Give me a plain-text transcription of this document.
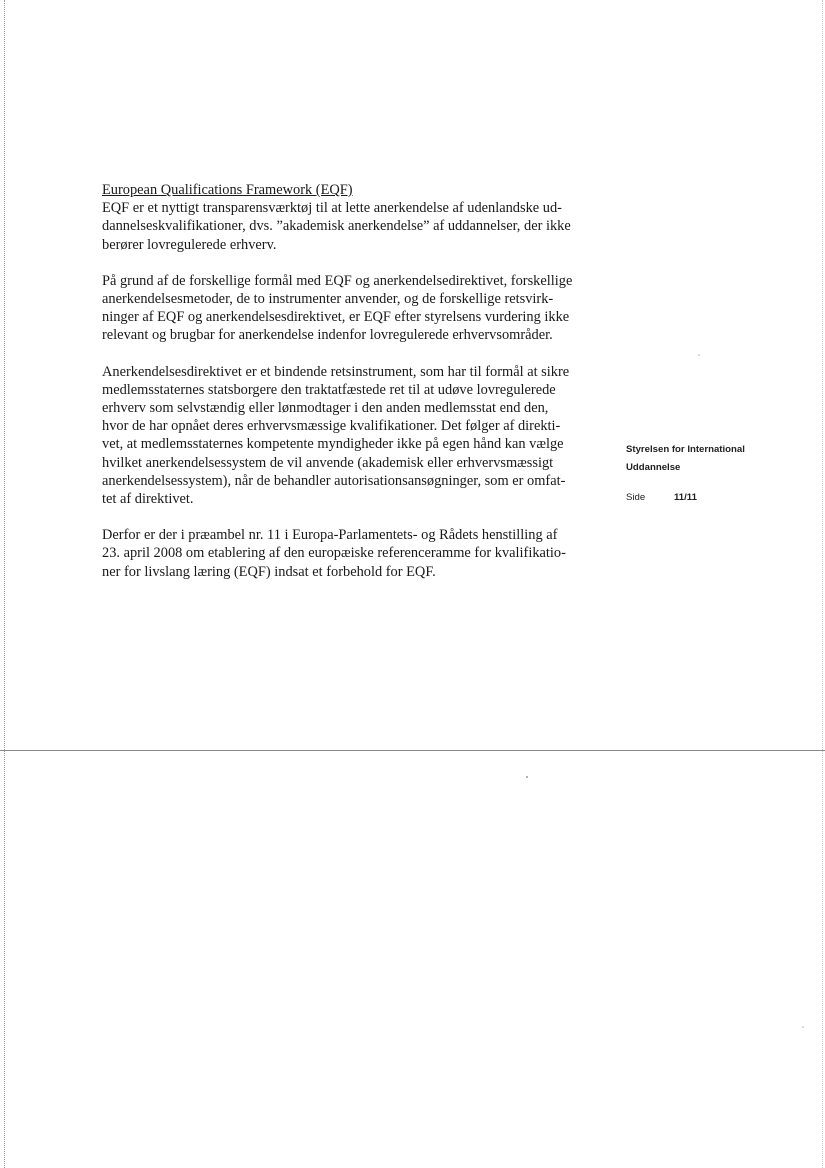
European Qualifications Framework (EQF)

EQF er et nyttigt transparensværktøj til at lette anerkendelse af udenlandske ud-
dannelseskvalifikationer, dvs. ”akademisk anerkendelse” af uddannelser, der ikke
berører lovregulerede erhverv.

På grund af de forskellige formål med EQF og anerkendelsedirektivet, forskellige
anerkendelsesmetoder, de to instrumenter anvender, og de forskellige retsvirk-
ninger af EQF og anerkendelsesdirektivet, er EQF efter styrelsens vurdering ikke
relevant og brugbar for anerkendelse indenfor lovregulerede erhvervsområder.

Anerkendelsesdirektivet er et bindende retsinstrument, som har til formål at sikre
medlemsstaternes statsborgere den traktatfæstede ret til at udøve lovregulerede
erhverv som selvstændig eller lønmodtager i den anden medlemsstat end den,
hvor de har opnået deres erhvervsmæssige kvalifikationer. Det følger af direkti-
vet, at medlemsstaternes kompetente myndigheder ikke på egen hånd kan vælge
hvilket anerkendelsessystem de vil anvende (akademisk eller erhvervsmæssigt
anerkendelsessystem), når de behandler autorisationsansøgninger, som er omfat-
tet af direktivet.

Derfor er der i præambel nr. 11 i Europa-Parlamentets- og Rådets henstilling af
23. april 2008 om etablering af den europæiske referenceramme for kvalifikatio-
ner for livslang læring (EQF) indsat et forbehold for EQF.

Styrelsen for International
Uddannelse
Side	11/11
